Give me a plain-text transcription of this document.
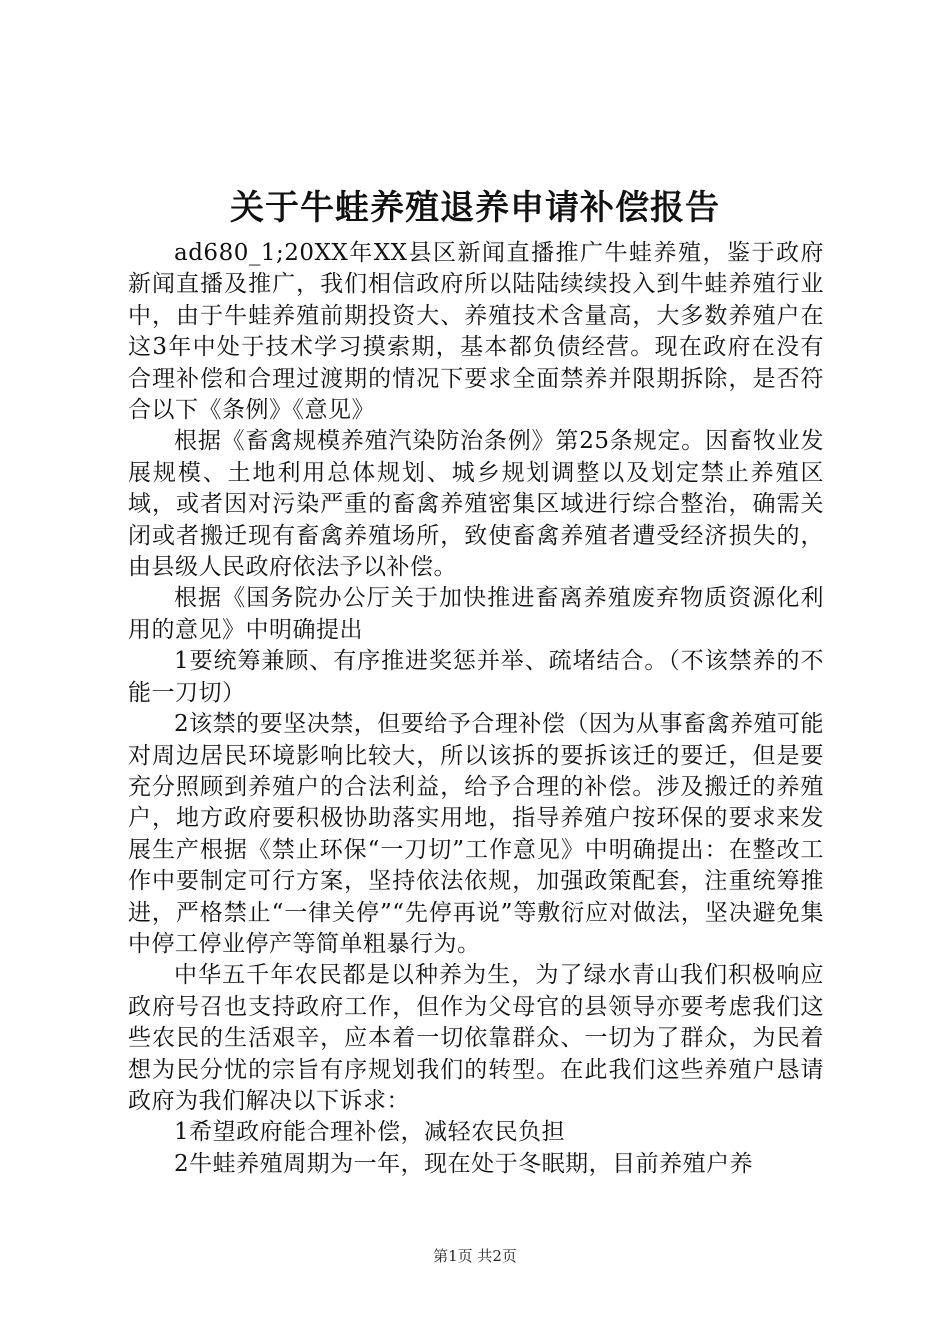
关于牛蛙养殖退养申请补偿报告

ad680_1;20XX年XX县区新闻直播推广牛蛙养殖，鉴于政府新闻直播及推广，我们相信政府所以陆陆续续投入到牛蛙养殖行业中，由于牛蛙养殖前期投资大、养殖技术含量高，大多数养殖户在这3年中处于技术学习摸索期，基本都负债经营。现在政府在没有合理补偿和合理过渡期的情况下要求全面禁养并限期拆除，是否符合以下《条例》《意见》

根据《畜禽规模养殖汽染防治条例》第25条规定。因畜牧业发展规模、土地利用总体规划、城乡规划调整以及划定禁止养殖区域，或者因对污染严重的畜禽养殖密集区域进行综合整治，确需关闭或者搬迁现有畜禽养殖场所，致使畜禽养殖者遭受经济损失的，由县级人民政府依法予以补偿。

根据《国务院办公厅关于加快推进畜离养殖废弃物质资源化利用的意见》中明确提出

1要统筹兼顾、有序推进奖惩并举、疏堵结合。（不该禁养的不能一刀切）

2该禁的要坚决禁，但要给予合理补偿（因为从事畜禽养殖可能对周边居民环境影响比较大，所以该拆的要拆该迁的要迁，但是要充分照顾到养殖户的合法利益，给予合理的补偿。涉及搬迁的养殖户，地方政府要积极协助落实用地，指导养殖户按环保的要求来发展生产根据《禁止环保“一刀切”工作意见》中明确提出：在整改工作中要制定可行方案，坚持依法依规，加强政策配套，注重统筹推进，严格禁止“一律关停”“先停再说”等敷衍应对做法，坚决避免集中停工停业停产等简单粗暴行为。

中华五千年农民都是以种养为生，为了绿水青山我们积极响应政府号召也支持政府工作，但作为父母官的县领导亦要考虑我们这些农民的生活艰辛，应本着一切依靠群众、一切为了群众，为民着想为民分忧的宗旨有序规划我们的转型。在此我们这些养殖户恳请政府为我们解决以下诉求：

1希望政府能合理补偿，减轻农民负担

2牛蛙养殖周期为一年，现在处于冬眠期，目前养殖户养

第1页 共2页
